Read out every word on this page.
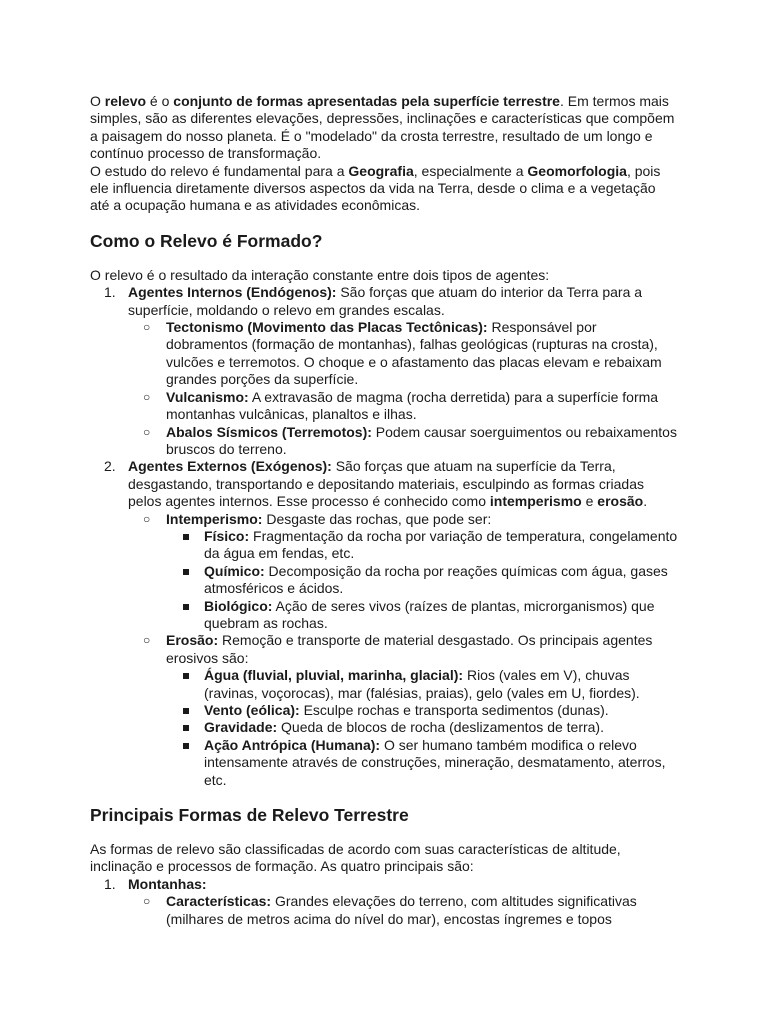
O relevo é o conjunto de formas apresentadas pela superfície terrestre. Em termos mais simples, são as diferentes elevações, depressões, inclinações e características que compõem a paisagem do nosso planeta. É o "modelado" da crosta terrestre, resultado de um longo e contínuo processo de transformação.

O estudo do relevo é fundamental para a Geografia, especialmente a Geomorfologia, pois ele influencia diretamente diversos aspectos da vida na Terra, desde o clima e a vegetação até a ocupação humana e as atividades econômicas.

Como o Relevo é Formado?

O relevo é o resultado da interação constante entre dois tipos de agentes:

1. Agentes Internos (Endógenos): São forças que atuam do interior da Terra para a superfície, moldando o relevo em grandes escalas.
○ Tectonismo (Movimento das Placas Tectônicas): Responsável por dobramentos (formação de montanhas), falhas geológicas (rupturas na crosta), vulcões e terremotos. O choque e o afastamento das placas elevam e rebaixam grandes porções da superfície.
○ Vulcanismo: A extravasão de magma (rocha derretida) para a superfície forma montanhas vulcânicas, planaltos e ilhas.
○ Abalos Sísmicos (Terremotos): Podem causar soerguimentos ou rebaixamentos bruscos do terreno.
2. Agentes Externos (Exógenos): São forças que atuam na superfície da Terra, desgastando, transportando e depositando materiais, esculpindo as formas criadas pelos agentes internos. Esse processo é conhecido como intemperismo e erosão.
○ Intemperismo: Desgaste das rochas, que pode ser:
Físico: Fragmentação da rocha por variação de temperatura, congelamento da água em fendas, etc.
Químico: Decomposição da rocha por reações químicas com água, gases atmosféricos e ácidos.
Biológico: Ação de seres vivos (raízes de plantas, microrganismos) que quebram as rochas.
○ Erosão: Remoção e transporte de material desgastado. Os principais agentes erosivos são:
Água (fluvial, pluvial, marinha, glacial): Rios (vales em V), chuvas (ravinas, voçorocas), mar (falésias, praias), gelo (vales em U, fiordes).
Vento (eólica): Esculpe rochas e transporta sedimentos (dunas).
Gravidade: Queda de blocos de rocha (deslizamentos de terra).
Ação Antrópica (Humana): O ser humano também modifica o relevo intensamente através de construções, mineração, desmatamento, aterros, etc.
Principais Formas de Relevo Terrestre

As formas de relevo são classificadas de acordo com suas características de altitude, inclinação e processos de formação. As quatro principais são:

1. Montanhas:
○ Características: Grandes elevações do terreno, com altitudes significativas (milhares de metros acima do nível do mar), encostas íngremes e topos
